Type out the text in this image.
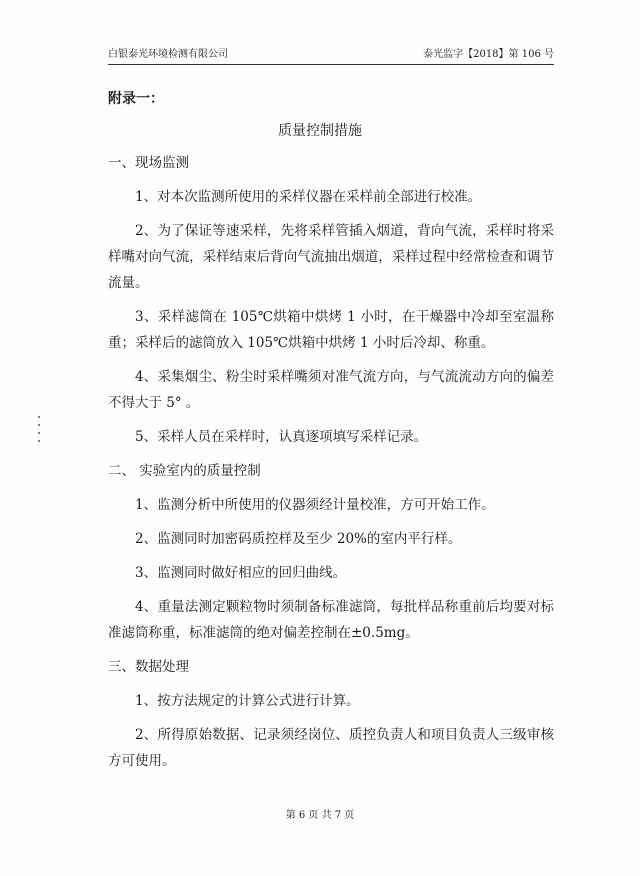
白银泰光环境检测有限公司	泰光监字【2018】第 106 号
附录一：
质量控制措施
一、现场监测

1、对本次监测所使用的采样仪器在采样前全部进行校准。

2、为了保证等速采样，先将采样管插入烟道，背向气流，采样时将采样嘴对向气流，采样结束后背向气流抽出烟道，采样过程中经常检查和调节流量。

3、采样滤筒在 105℃烘箱中烘烤 1 小时，在干燥器中冷却至室温称重；采样后的滤筒放入 105℃烘箱中烘烤 1 小时后冷却、称重。

4、采集烟尘、粉尘时采样嘴须对准气流方向，与气流流动方向的偏差不得大于 5° 。

5、采样人员在采样时，认真逐项填写采样记录。

二、 实验室内的质量控制

1、监测分析中所使用的仪器须经计量校准，方可开始工作。

2、监测同时加密码质控样及至少 20%的室内平行样。

3、监测同时做好相应的回归曲线。

4、重量法测定颗粒物时须制备标准滤筒，每批样品称重前后均要对标准滤筒称重，标准滤筒的绝对偏差控制在±0.5mg。

三、数据处理

1、按方法规定的计算公式进行计算。

2、所得原始数据、记录须经岗位、质控负责人和项目负责人三级审核方可使用。

第 6 页 共 7 页
